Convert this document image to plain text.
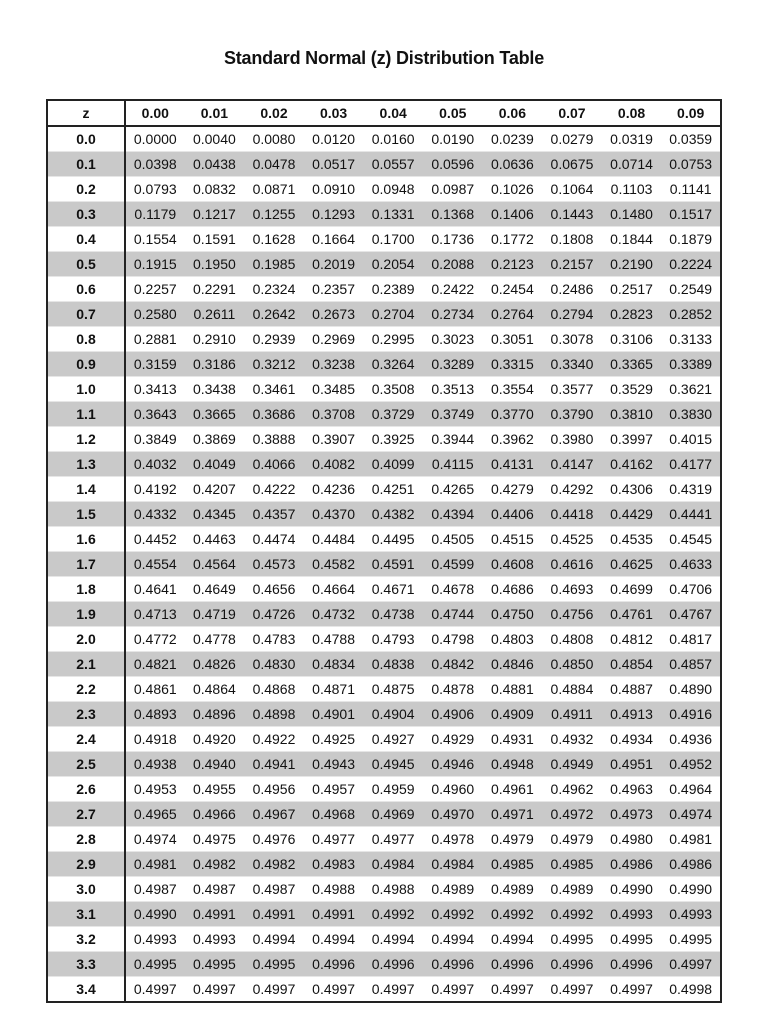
Standard Normal (z) Distribution Table
z	0.00	0.01	0.02	0.03	0.04	0.05	0.06	0.07	0.08	0.09
0.0	0.0000	0.0040	0.0080	0.0120	0.0160	0.0190	0.0239	0.0279	0.0319	0.0359
0.1	0.0398	0.0438	0.0478	0.0517	0.0557	0.0596	0.0636	0.0675	0.0714	0.0753
0.2	0.0793	0.0832	0.0871	0.0910	0.0948	0.0987	0.1026	0.1064	0.1103	0.1141
0.3	0.1179	0.1217	0.1255	0.1293	0.1331	0.1368	0.1406	0.1443	0.1480	0.1517
0.4	0.1554	0.1591	0.1628	0.1664	0.1700	0.1736	0.1772	0.1808	0.1844	0.1879
0.5	0.1915	0.1950	0.1985	0.2019	0.2054	0.2088	0.2123	0.2157	0.2190	0.2224
0.6	0.2257	0.2291	0.2324	0.2357	0.2389	0.2422	0.2454	0.2486	0.2517	0.2549
0.7	0.2580	0.2611	0.2642	0.2673	0.2704	0.2734	0.2764	0.2794	0.2823	0.2852
0.8	0.2881	0.2910	0.2939	0.2969	0.2995	0.3023	0.3051	0.3078	0.3106	0.3133
0.9	0.3159	0.3186	0.3212	0.3238	0.3264	0.3289	0.3315	0.3340	0.3365	0.3389
1.0	0.3413	0.3438	0.3461	0.3485	0.3508	0.3513	0.3554	0.3577	0.3529	0.3621
1.1	0.3643	0.3665	0.3686	0.3708	0.3729	0.3749	0.3770	0.3790	0.3810	0.3830
1.2	0.3849	0.3869	0.3888	0.3907	0.3925	0.3944	0.3962	0.3980	0.3997	0.4015
1.3	0.4032	0.4049	0.4066	0.4082	0.4099	0.4115	0.4131	0.4147	0.4162	0.4177
1.4	0.4192	0.4207	0.4222	0.4236	0.4251	0.4265	0.4279	0.4292	0.4306	0.4319
1.5	0.4332	0.4345	0.4357	0.4370	0.4382	0.4394	0.4406	0.4418	0.4429	0.4441
1.6	0.4452	0.4463	0.4474	0.4484	0.4495	0.4505	0.4515	0.4525	0.4535	0.4545
1.7	0.4554	0.4564	0.4573	0.4582	0.4591	0.4599	0.4608	0.4616	0.4625	0.4633
1.8	0.4641	0.4649	0.4656	0.4664	0.4671	0.4678	0.4686	0.4693	0.4699	0.4706
1.9	0.4713	0.4719	0.4726	0.4732	0.4738	0.4744	0.4750	0.4756	0.4761	0.4767
2.0	0.4772	0.4778	0.4783	0.4788	0.4793	0.4798	0.4803	0.4808	0.4812	0.4817
2.1	0.4821	0.4826	0.4830	0.4834	0.4838	0.4842	0.4846	0.4850	0.4854	0.4857
2.2	0.4861	0.4864	0.4868	0.4871	0.4875	0.4878	0.4881	0.4884	0.4887	0.4890
2.3	0.4893	0.4896	0.4898	0.4901	0.4904	0.4906	0.4909	0.4911	0.4913	0.4916
2.4	0.4918	0.4920	0.4922	0.4925	0.4927	0.4929	0.4931	0.4932	0.4934	0.4936
2.5	0.4938	0.4940	0.4941	0.4943	0.4945	0.4946	0.4948	0.4949	0.4951	0.4952
2.6	0.4953	0.4955	0.4956	0.4957	0.4959	0.4960	0.4961	0.4962	0.4963	0.4964
2.7	0.4965	0.4966	0.4967	0.4968	0.4969	0.4970	0.4971	0.4972	0.4973	0.4974
2.8	0.4974	0.4975	0.4976	0.4977	0.4977	0.4978	0.4979	0.4979	0.4980	0.4981
2.9	0.4981	0.4982	0.4982	0.4983	0.4984	0.4984	0.4985	0.4985	0.4986	0.4986
3.0	0.4987	0.4987	0.4987	0.4988	0.4988	0.4989	0.4989	0.4989	0.4990	0.4990
3.1	0.4990	0.4991	0.4991	0.4991	0.4992	0.4992	0.4992	0.4992	0.4993	0.4993
3.2	0.4993	0.4993	0.4994	0.4994	0.4994	0.4994	0.4994	0.4995	0.4995	0.4995
3.3	0.4995	0.4995	0.4995	0.4996	0.4996	0.4996	0.4996	0.4996	0.4996	0.4997
3.4	0.4997	0.4997	0.4997	0.4997	0.4997	0.4997	0.4997	0.4997	0.4997	0.4998
